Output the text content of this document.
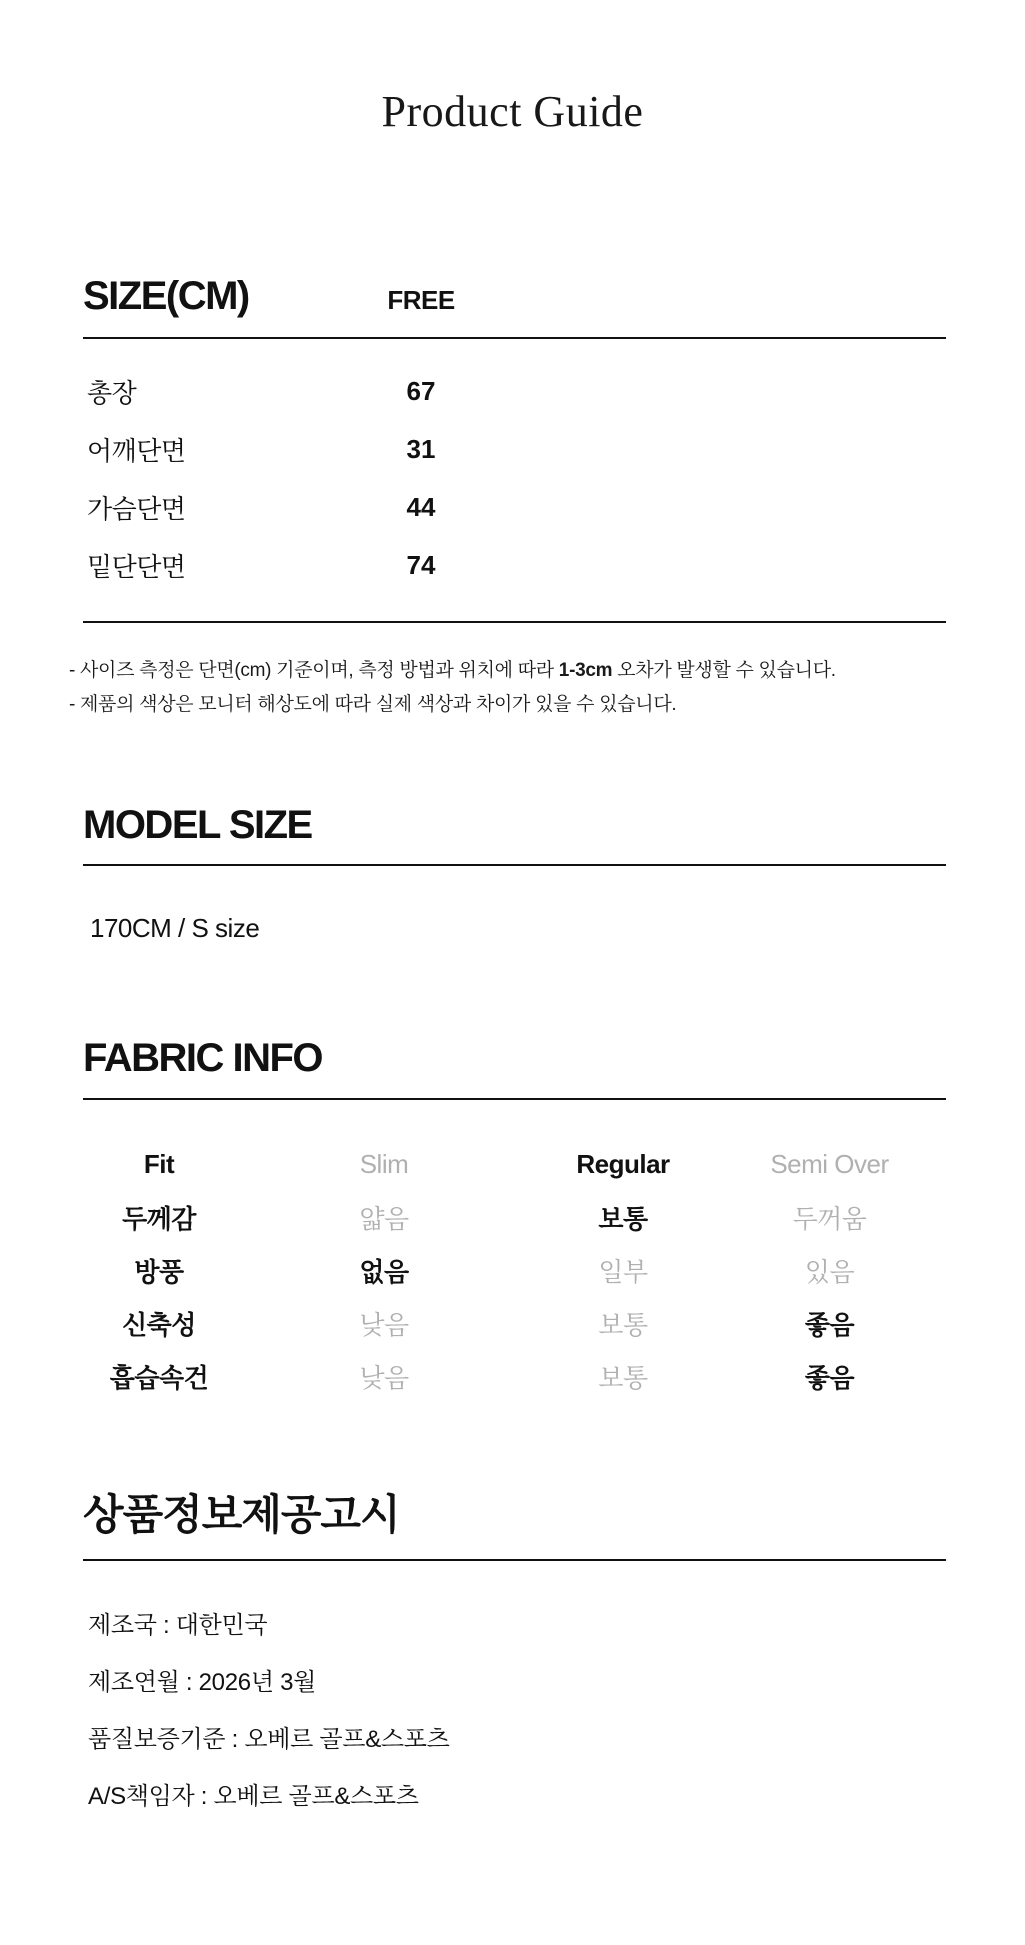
Product Guide
SIZE(CM)	FREE
총장	67
어깨단면	31
가슴단면	44
밑단단면	74

- 사이즈 측정은 단면(cm) 기준이며, 측정 방법과 위치에 따라 1-3cm 오차가 발생할 수 있습니다.

- 제품의 색상은 모니터 해상도에 따라 실제 색상과 차이가 있을 수 있습니다.

MODEL SIZE
170CM / S size
FABRIC INFO
Fit	Slim	Regular	Semi Over
두께감	얇음	보통	두꺼움
방풍	없음	일부	있음
신축성	낮음	보통	좋음
흡습속건	낮음	보통	좋음
상품정보제공고시
제조국 : 대한민국
제조연월 : 2026년 3월
품질보증기준 : 오베르 골프&스포츠
A/S책임자 : 오베르 골프&스포츠
